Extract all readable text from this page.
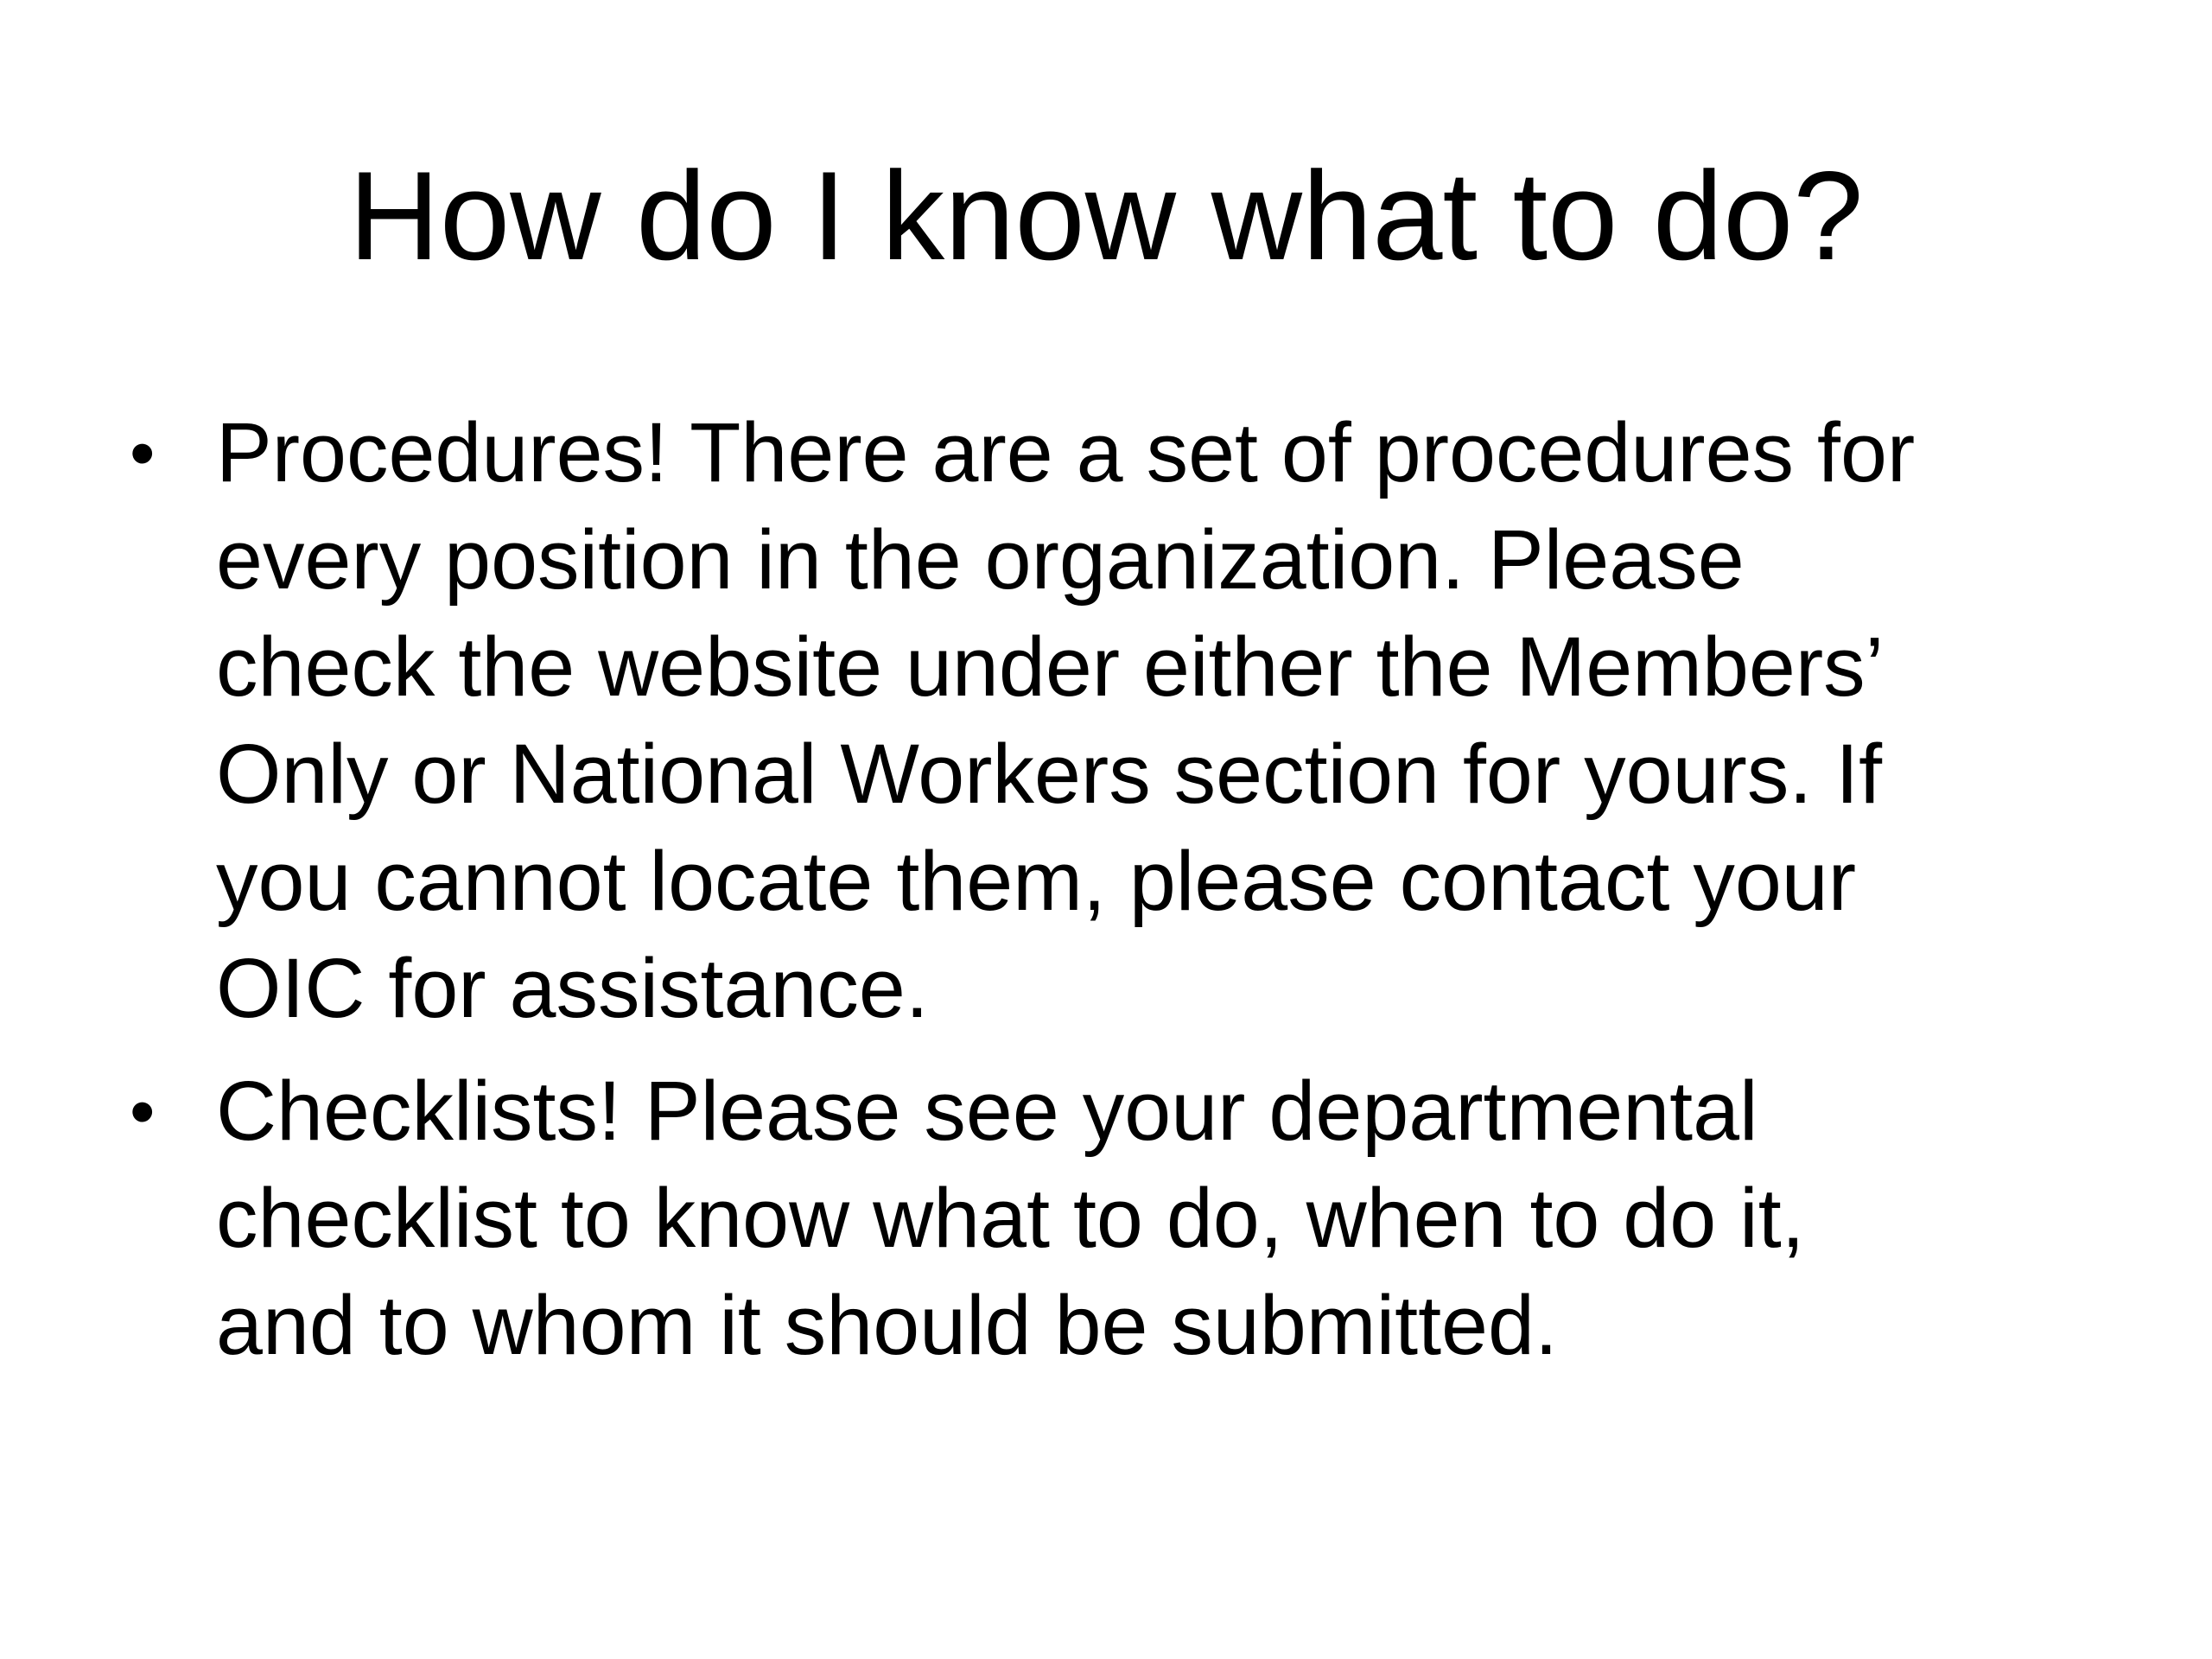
How do I know what to do?
• Procedures! There are a set of procedures for
every position in the organization. Please
check the website under either the Members’
Only or National Workers section for yours. If
you cannot locate them, please contact your
OIC for assistance.
• Checklists! Please see your departmental
checklist to know what to do, when to do it,
and to whom it should be submitted.
